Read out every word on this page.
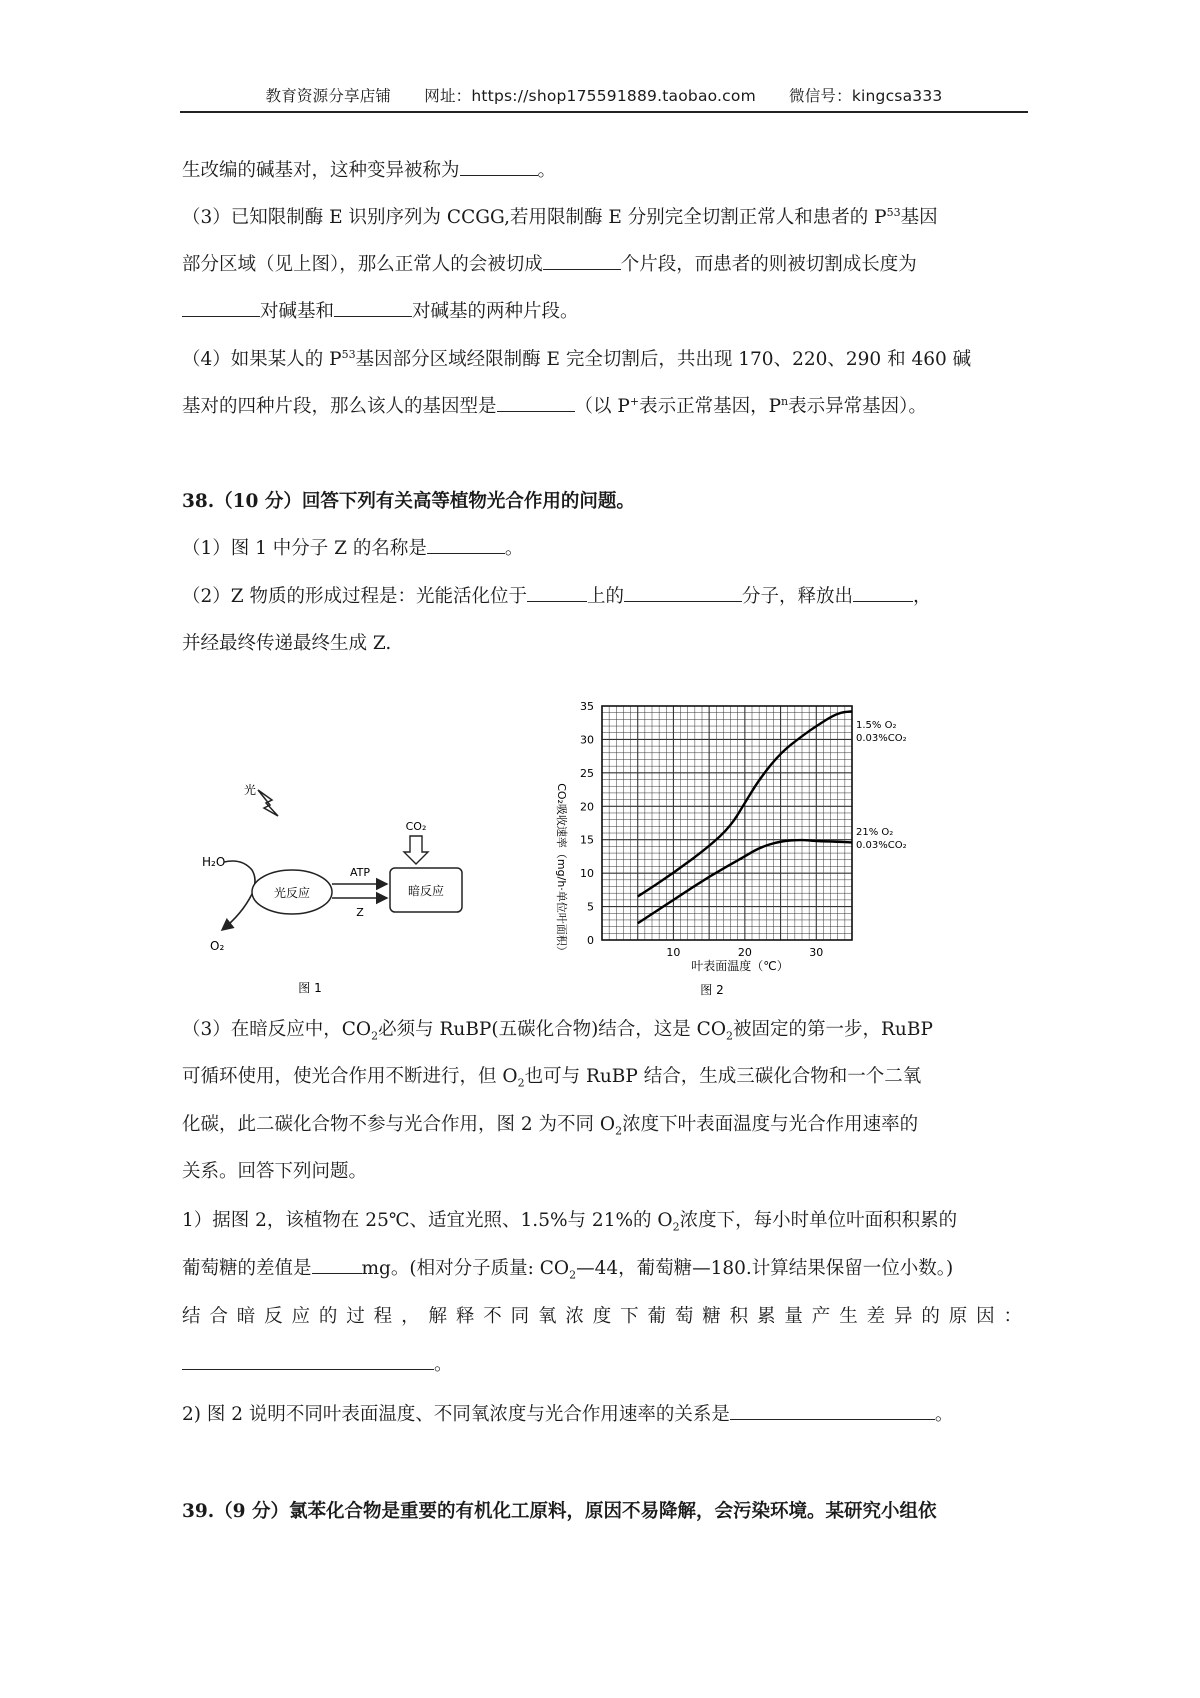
教育资源分享店铺 网址：https://shop175591889.taobao.com 微信号：kingcsa333
生改编的碱基对，这种变异被称为	。
（3）已知限制酶 E 识别序列为 CCGG,若用限制酶 E 分别完全切割正常人和患者的 $P^{53}$基因
部分区域（见上图），那么正常人的会被切成	个片段，而患者的则被切割成长度为
对碱基和	对碱基的两种片段。
（4）如果某人的 $P^{53}$基因部分区域经限制酶 E 完全切割后，共出现 170、220、290 和 460 碱
基对的四种片段，那么该人的基因型是	（以 P+表示正常基因，$P^n$表示异常基因）。
38.（10 分）回答下列有关高等植物光合作用的问题。
（1）图 1 中分子 Z 的名称是	。
（2）Z 物质的形成过程是：光能活化位于	上的	分子，释放出	，
并经最终传递最终生成 Z.
光
H₂O
O₂
光反应
ATP
Z
CO₂
暗反应
图 1
10	20	30
0
5
10
15
20
25
30
35
CO₂吸收速率（mg/h·单位叶面积）
叶表面温度（℃）
图 2
1.5% O₂
0.03%CO₂
21% O₂
0.03%CO₂
（3）在暗反应中，$CO_2$必须与 RuBP(五碳化合物)结合，这是 $CO_2$被固定的第一步，RuBP
可循环使用，使光合作用不断进行，但 $O_2$也可与 RuBP 结合，生成三碳化合物和一个二氧
化碳，此二碳化合物不参与光合作用，图 2 为不同 $O_2$浓度下叶表面温度与光合作用速率的
关系。回答下列问题。
1）据图 2，该植物在 25℃、适宜光照、1.5%与 21%的 $O_2$浓度下，每小时单位叶面积积累的
葡萄糖的差值是	mg。(相对分子质量: $CO_2—44$，葡萄糖—180.计算结果保留一位小数。)
结合暗反应的过程，解释不同氧浓度下葡萄糖积累量产生差异的原因：
。
2) 图 2 说明不同叶表面温度、不同氧浓度与光合作用速率的关系是	。
39.（9 分）氯苯化合物是重要的有机化工原料，原因不易降解，会污染环境。某研究小组依
